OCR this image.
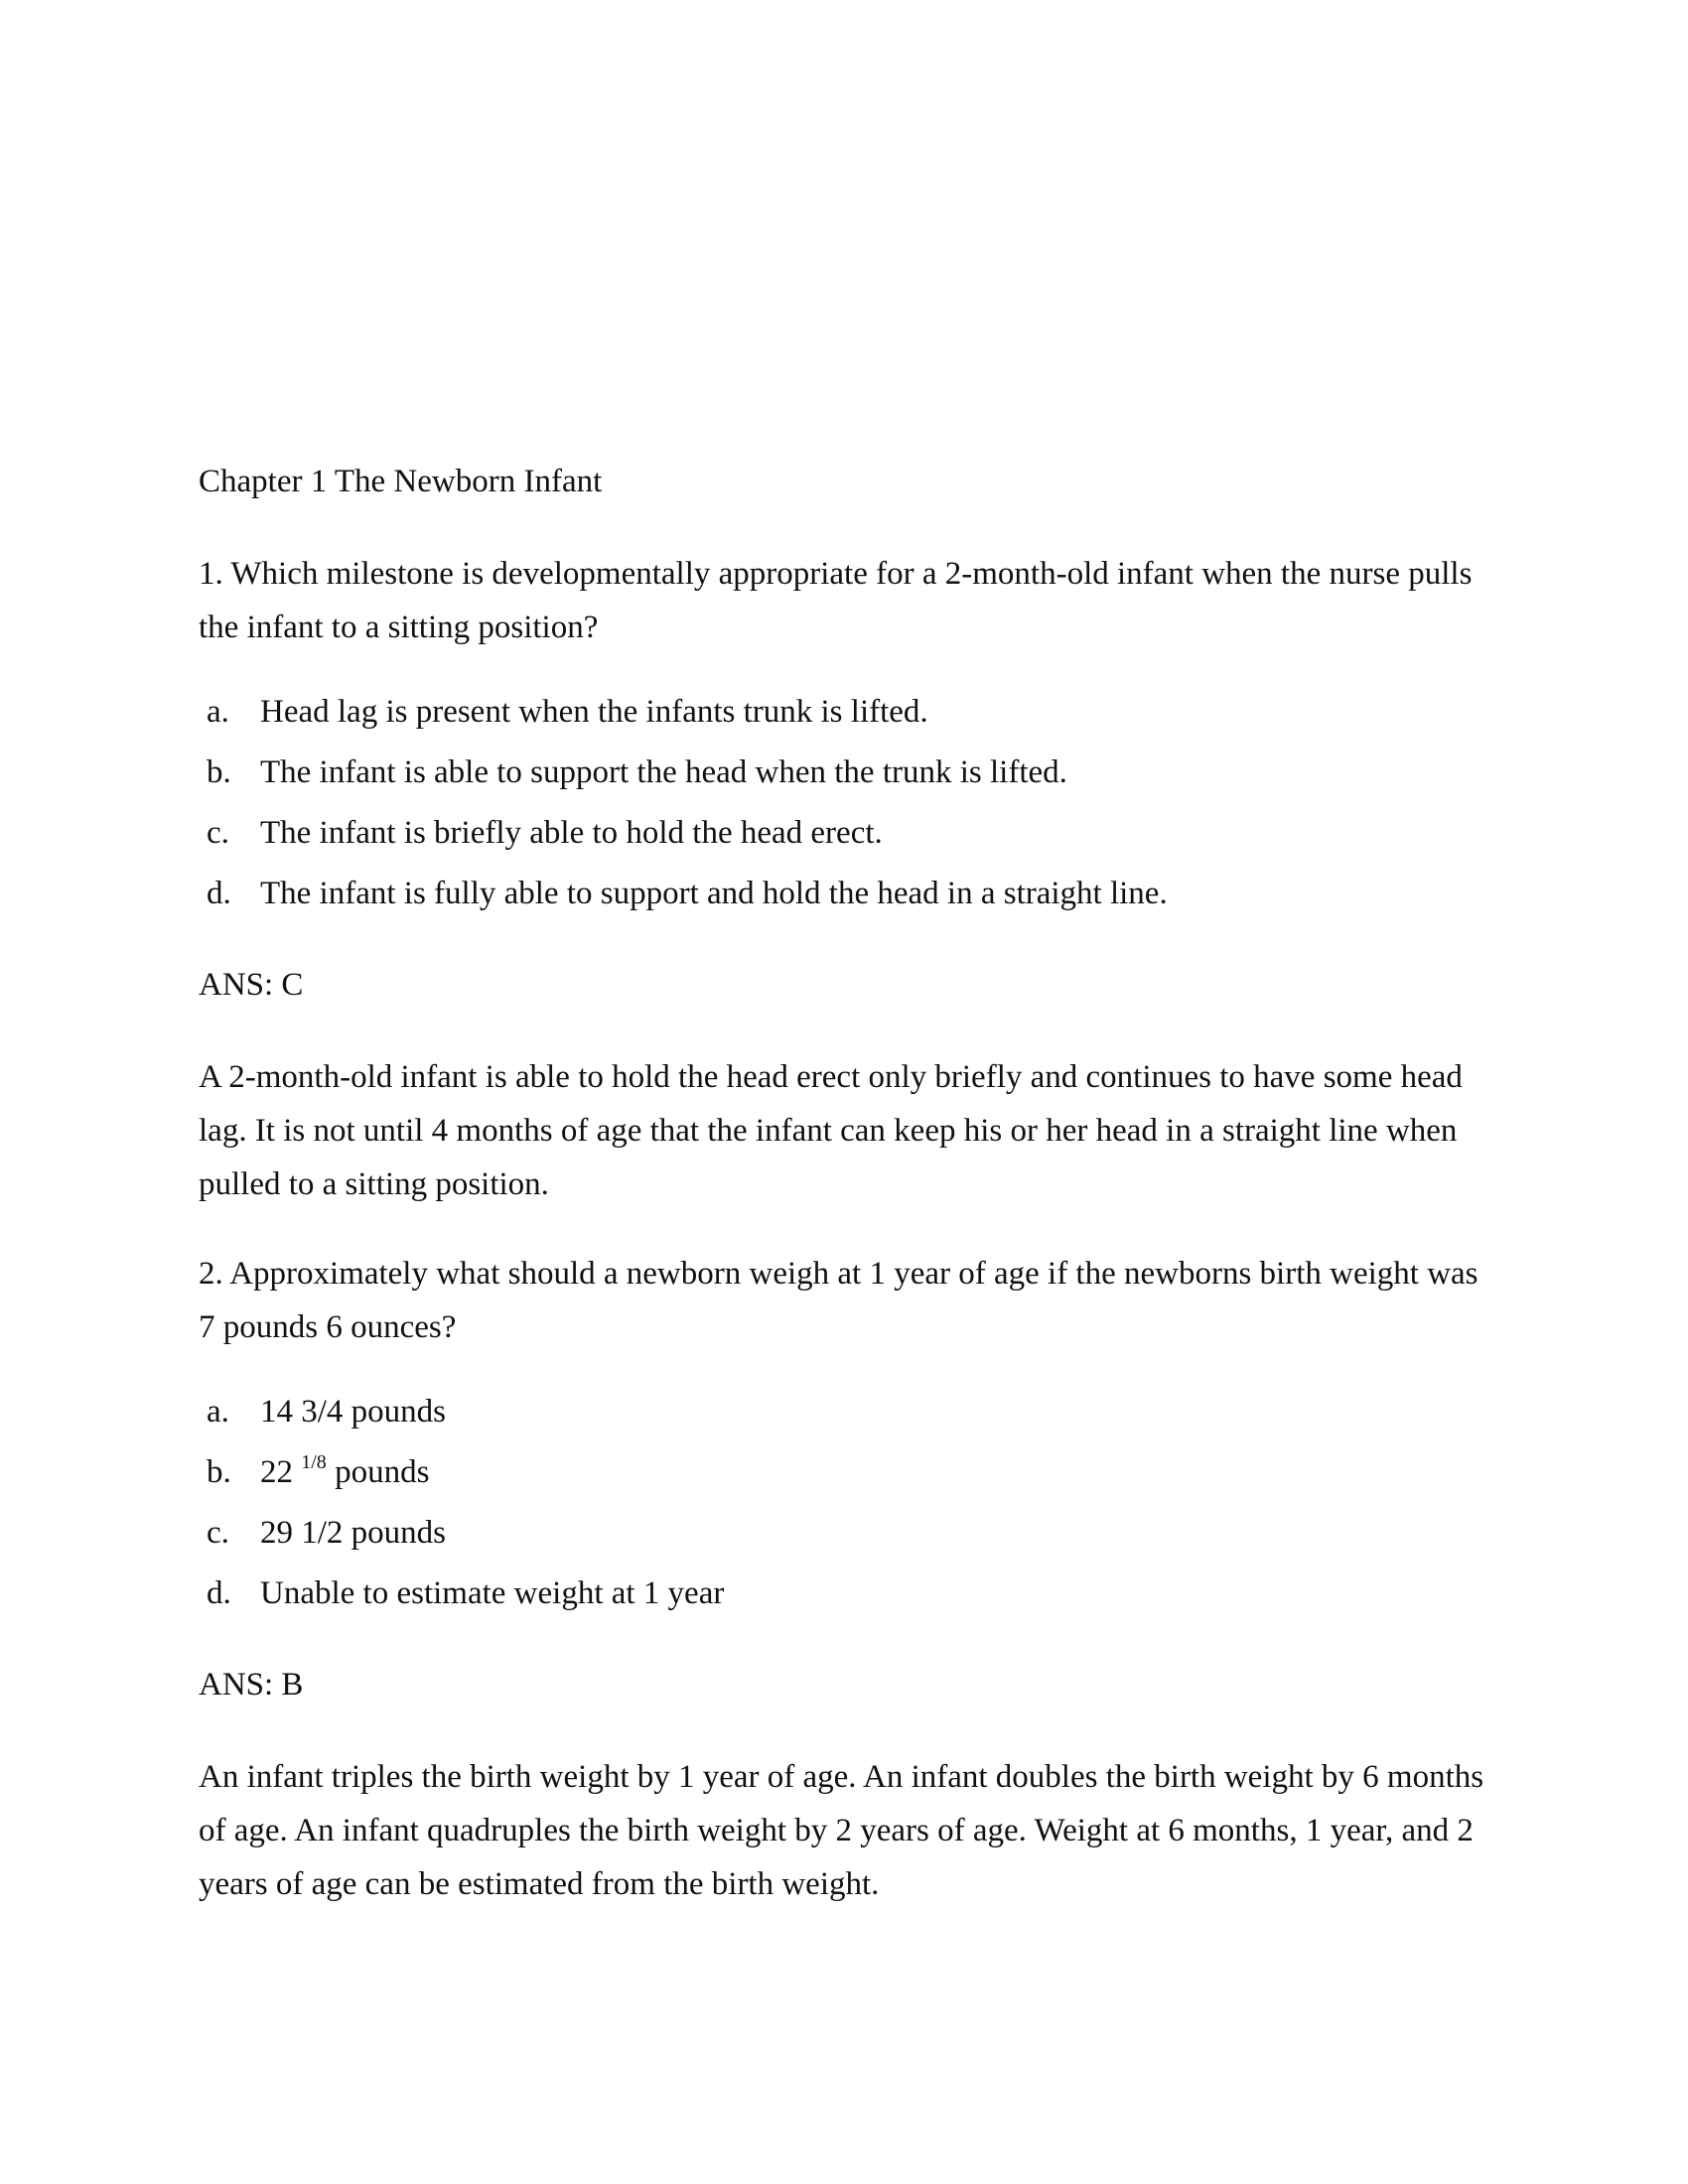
Chapter 1 The Newborn Infant

1. Which milestone is developmentally appropriate for a 2-month-old infant when the nurse pulls the infant to a sitting position?

a. Head lag is present when the infants trunk is lifted.
b. The infant is able to support the head when the trunk is lifted.
c. The infant is briefly able to hold the head erect.
d. The infant is fully able to support and hold the head in a straight line.

ANS: C

A 2-month-old infant is able to hold the head erect only briefly and continues to have some head lag. It is not until 4 months of age that the infant can keep his or her head in a straight line when pulled to a sitting position.

2. Approximately what should a newborn weigh at 1 year of age if the newborns birth weight was 7 pounds 6 ounces?

a. 14 3/4 pounds
b. 22 $^{1/8}$ pounds
c. 29 1/2 pounds
d. Unable to estimate weight at 1 year

ANS: B

An infant triples the birth weight by 1 year of age. An infant doubles the birth weight by 6 months of age. An infant quadruples the birth weight by 2 years of age. Weight at 6 months, 1 year, and 2 years of age can be estimated from the birth weight.
